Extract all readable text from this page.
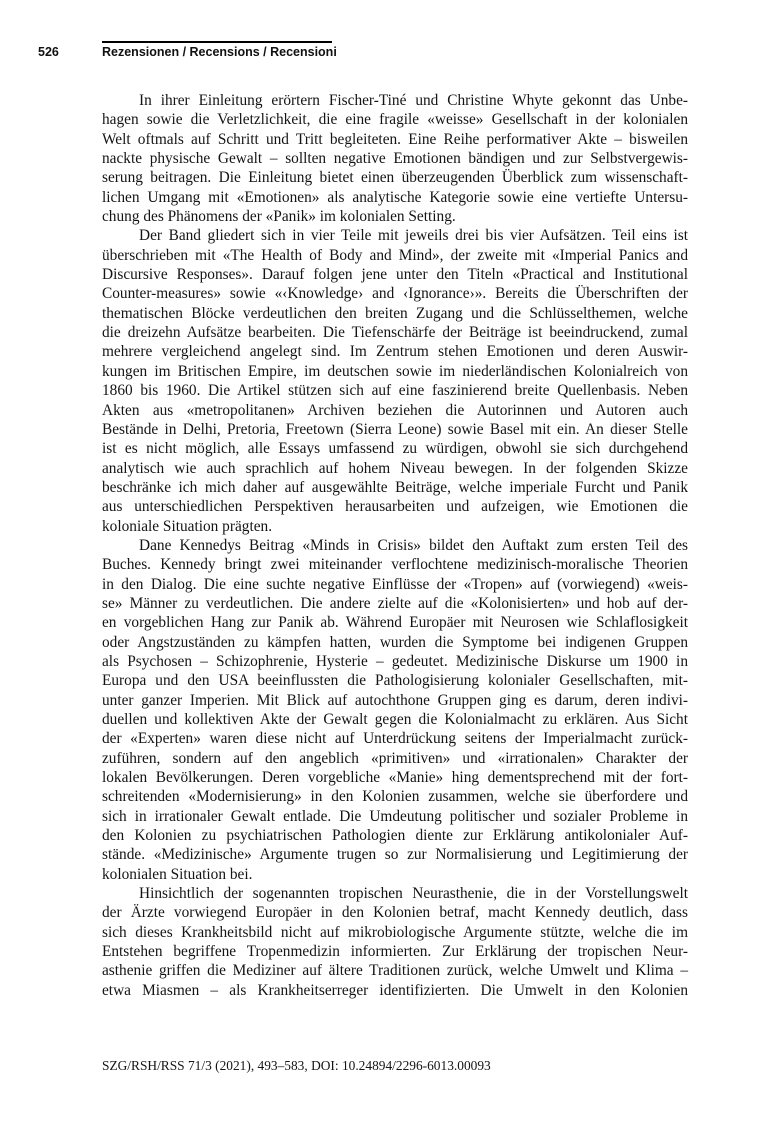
526	Rezensionen / Recensions / Recensioni
In ihrer Einleitung erörtern Fischer-Tiné und Christine Whyte gekonnt das Unbe-
hagen sowie die Verletzlichkeit, die eine fragile «weisse» Gesellschaft in der kolonialen
Welt oftmals auf Schritt und Tritt begleiteten. Eine Reihe performativer Akte – bisweilen
nackte physische Gewalt – sollten negative Emotionen bändigen und zur Selbstvergewis-
serung beitragen. Die Einleitung bietet einen überzeugenden Überblick zum wissenschaft-
lichen Umgang mit «Emotionen» als analytische Kategorie sowie eine vertiefte Untersu-
chung des Phänomens der «Panik» im kolonialen Setting.
Der Band gliedert sich in vier Teile mit jeweils drei bis vier Aufsätzen. Teil eins ist
überschrieben mit «The Health of Body and Mind», der zweite mit «Imperial Panics and
Discursive Responses». Darauf folgen jene unter den Titeln «Practical and Institutional
Counter-measures» sowie «‹Knowledge› and ‹Ignorance›». Bereits die Überschriften der
thematischen Blöcke verdeutlichen den breiten Zugang und die Schlüsselthemen, welche
die dreizehn Aufsätze bearbeiten. Die Tiefenschärfe der Beiträge ist beeindruckend, zumal
mehrere vergleichend angelegt sind. Im Zentrum stehen Emotionen und deren Auswir-
kungen im Britischen Empire, im deutschen sowie im niederländischen Kolonialreich von
1860 bis 1960. Die Artikel stützen sich auf eine faszinierend breite Quellenbasis. Neben
Akten aus «metropolitanen» Archiven beziehen die Autorinnen und Autoren auch
Bestände in Delhi, Pretoria, Freetown (Sierra Leone) sowie Basel mit ein. An dieser Stelle
ist es nicht möglich, alle Essays umfassend zu würdigen, obwohl sie sich durchgehend
analytisch wie auch sprachlich auf hohem Niveau bewegen. In der folgenden Skizze
beschränke ich mich daher auf ausgewählte Beiträge, welche imperiale Furcht und Panik
aus unterschiedlichen Perspektiven herausarbeiten und aufzeigen, wie Emotionen die
koloniale Situation prägten.
Dane Kennedys Beitrag «Minds in Crisis» bildet den Auftakt zum ersten Teil des
Buches. Kennedy bringt zwei miteinander verflochtene medizinisch-moralische Theorien
in den Dialog. Die eine suchte negative Einflüsse der «Tropen» auf (vorwiegend) «weis-
se» Männer zu verdeutlichen. Die andere zielte auf die «Kolonisierten» und hob auf der-
en vorgeblichen Hang zur Panik ab. Während Europäer mit Neurosen wie Schlaflosigkeit
oder Angstzuständen zu kämpfen hatten, wurden die Symptome bei indigenen Gruppen
als Psychosen – Schizophrenie, Hysterie – gedeutet. Medizinische Diskurse um 1900 in
Europa und den USA beeinflussten die Pathologisierung kolonialer Gesellschaften, mit-
unter ganzer Imperien. Mit Blick auf autochthone Gruppen ging es darum, deren indivi-
duellen und kollektiven Akte der Gewalt gegen die Kolonialmacht zu erklären. Aus Sicht
der «Experten» waren diese nicht auf Unterdrückung seitens der Imperialmacht zurück-
zuführen, sondern auf den angeblich «primitiven» und «irrationalen» Charakter der
lokalen Bevölkerungen. Deren vorgebliche «Manie» hing dementsprechend mit der fort-
schreitenden «Modernisierung» in den Kolonien zusammen, welche sie überfordere und
sich in irrationaler Gewalt entlade. Die Umdeutung politischer und sozialer Probleme in
den Kolonien zu psychiatrischen Pathologien diente zur Erklärung antikolonialer Auf-
stände. «Medizinische» Argumente trugen so zur Normalisierung und Legitimierung der
kolonialen Situation bei.
Hinsichtlich der sogenannten tropischen Neurasthenie, die in der Vorstellungswelt
der Ärzte vorwiegend Europäer in den Kolonien betraf, macht Kennedy deutlich, dass
sich dieses Krankheitsbild nicht auf mikrobiologische Argumente stützte, welche die im
Entstehen begriffene Tropenmedizin informierten. Zur Erklärung der tropischen Neur-
asthenie griffen die Mediziner auf ältere Traditionen zurück, welche Umwelt und Klima –
etwa Miasmen – als Krankheitserreger identifizierten. Die Umwelt in den Kolonien
SZG/RSH/RSS 71/3 (2021), 493–583, DOI: 10.24894/2296-6013.00093
